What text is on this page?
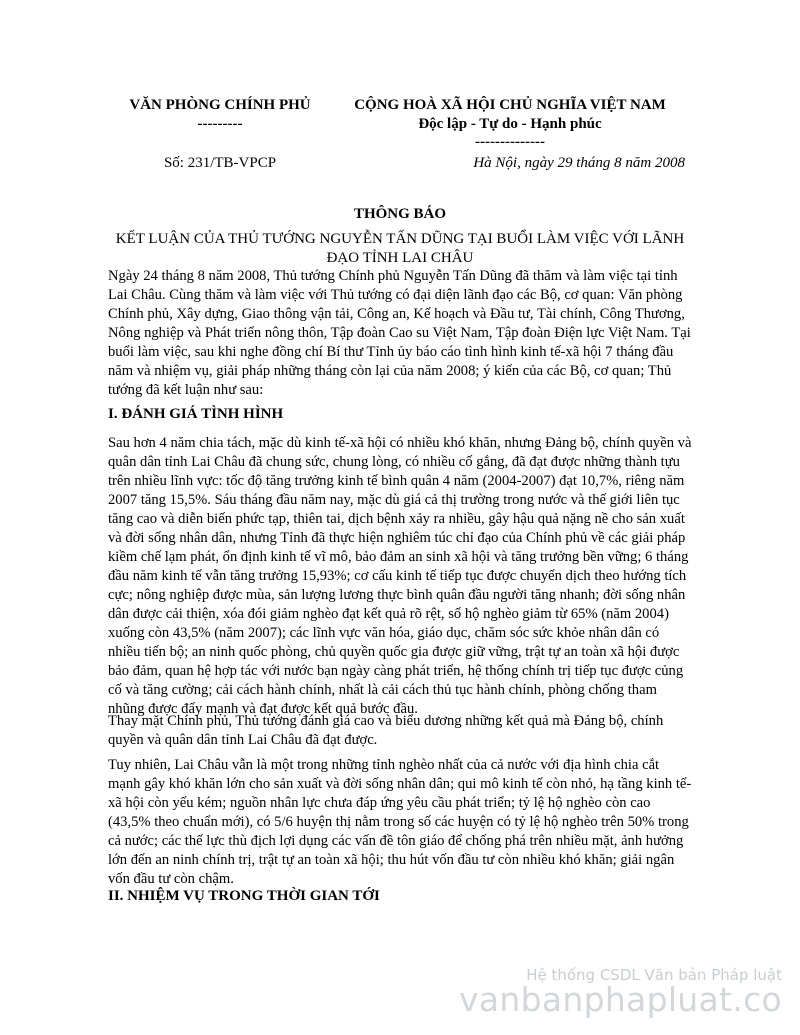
VĂN PHÒNG CHÍNH PHỦ
---------
CỘNG HOÀ XÃ HỘI CHỦ NGHĨA VIỆT NAM
Độc lập - Tự do - Hạnh phúc
--------------
Số: 231/TB-VPCP	Hà Nội, ngày 29 tháng 8 năm 2008
THÔNG BÁO
KẾT LUẬN CỦA THỦ TƯỚNG NGUYỄN TẤN DŨNG TẠI BUỔI LÀM VIỆC VỚI LÃNH ĐẠO TỈNH LAI CHÂU

Ngày 24 tháng 8 năm 2008, Thủ tướng Chính phủ Nguyễn Tấn Dũng đã thăm và làm việc tại tỉnh Lai Châu. Cùng thăm và làm việc với Thủ tướng có đại diện lãnh đạo các Bộ, cơ quan: Văn phòng Chính phủ, Xây dựng, Giao thông vận tải, Công an, Kế hoạch và Đầu tư, Tài chính, Công Thương, Nông nghiệp và Phát triển nông thôn, Tập đoàn Cao su Việt Nam, Tập đoàn Điện lực Việt Nam. Tại buổi làm việc, sau khi nghe đồng chí Bí thư Tỉnh ủy báo cáo tình hình kinh tế-xã hội 7 tháng đầu năm và nhiệm vụ, giải pháp những tháng còn lại của năm 2008; ý kiến của các Bộ, cơ quan; Thủ tướng đã kết luận như sau:

I. ĐÁNH GIÁ TÌNH HÌNH

Sau hơn 4 năm chia tách, mặc dù kinh tế-xã hội có nhiều khó khăn, nhưng Đảng bộ, chính quyền và quân dân tỉnh Lai Châu đã chung sức, chung lòng, có nhiều cố gắng, đã đạt được những thành tựu trên nhiều lĩnh vực: tốc độ tăng trưởng kinh tế bình quân 4 năm (2004-2007) đạt 10,7%, riêng năm 2007 tăng 15,5%. Sáu tháng đầu năm nay, mặc dù giá cả thị trường trong nước và thế giới liên tục tăng cao và diễn biến phức tạp, thiên tai, dịch bệnh xảy ra nhiều, gây hậu quả nặng nề cho sản xuất và đời sống nhân dân, nhưng Tỉnh đã thực hiện nghiêm túc chỉ đạo của Chính phủ về các giải pháp kiềm chế lạm phát, ổn định kinh tế vĩ mô, bảo đảm an sinh xã hội và tăng trưởng bền vững; 6 tháng đầu năm kinh tế vẫn tăng trưởng 15,93%; cơ cấu kinh tế tiếp tục được chuyển dịch theo hướng tích cực; nông nghiệp được mùa, sản lượng lương thực bình quân đầu người tăng nhanh; đời sống nhân dân được cải thiện, xóa đói giảm nghèo đạt kết quả rõ rệt, số hộ nghèo giảm từ 65% (năm 2004) xuống còn 43,5% (năm 2007); các lĩnh vực văn hóa, giáo dục, chăm sóc sức khỏe nhân dân có nhiều tiến bộ; an ninh quốc phòng, chủ quyền quốc gia được giữ vững, trật tự an toàn xã hội được bảo đảm, quan hệ hợp tác với nước bạn ngày càng phát triển, hệ thống chính trị tiếp tục được củng cố và tăng cường; cải cách hành chính, nhất là cải cách thủ tục hành chính, phòng chống tham nhũng được đẩy mạnh và đạt được kết quả bước đầu.

Thay mặt Chính phủ, Thủ tướng đánh giá cao và biểu dương những kết quả mà Đảng bộ, chính quyền và quân dân tỉnh Lai Châu đã đạt được.

Tuy nhiên, Lai Châu vẫn là một trong những tỉnh nghèo nhất của cả nước với địa hình chia cắt mạnh gây khó khăn lớn cho sản xuất và đời sống nhân dân; qui mô kinh tế còn nhỏ, hạ tầng kinh tế-xã hội còn yếu kém; nguồn nhân lực chưa đáp ứng yêu cầu phát triển; tỷ lệ hộ nghèo còn cao (43,5% theo chuẩn mới), có 5/6 huyện thị nằm trong số các huyện có tỷ lệ hộ nghèo trên 50% trong cả nước; các thế lực thù địch lợi dụng các vấn đề tôn giáo để chống phá trên nhiều mặt, ảnh hưởng lớn đến an ninh chính trị, trật tự an toàn xã hội; thu hút vốn đầu tư còn nhiều khó khăn; giải ngân vốn đầu tư còn chậm.

II. NHIỆM VỤ TRONG THỜI GIAN TỚI
Hệ thống CSDL Văn bản Pháp luật
vanbanphapluat.co
